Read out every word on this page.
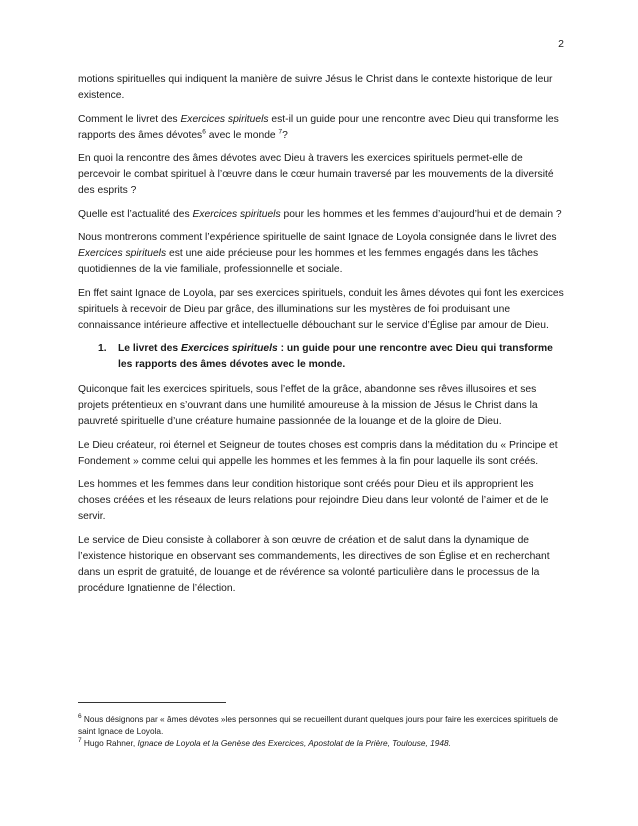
2

motions spirituelles qui indiquent la manière de suivre Jésus le Christ dans le contexte historique de leur existence.

Comment le livret des Exercices spirituels est-il un guide pour une rencontre avec Dieu qui transforme les rapports des âmes dévotes$^6$ avec le monde $^7$?

En quoi la rencontre des âmes dévotes avec Dieu à travers les exercices spirituels permet-elle de percevoir le combat spirituel à l’œuvre dans le cœur humain traversé par les mouvements de la diversité des esprits ?

Quelle est l’actualité des Exercices spirituels pour les hommes et les femmes d’aujourd’hui et de demain ?

Nous montrerons comment l’expérience spirituelle de saint Ignace de Loyola consignée dans le livret des Exercices spirituels est une aide précieuse pour les hommes et les femmes engagés dans les tâches quotidiennes de la vie familiale, professionnelle et sociale.

En ffet saint Ignace de Loyola, par ses exercices spirituels, conduit les âmes dévotes qui font les exercices spirituels à recevoir de Dieu par grâce, des illuminations sur les mystères de foi produisant une connaissance intérieure affective et intellectuelle débouchant sur le service d’Église par amour de Dieu.

1.	Le livret des Exercices spirituels : un guide pour une rencontre avec Dieu qui transforme les rapports des âmes dévotes avec le monde.

Quiconque fait les exercices spirituels, sous l’effet de la grâce, abandonne ses rêves illusoires et ses projets prétentieux en s’ouvrant dans une humilité amoureuse à la mission de Jésus le Christ dans la pauvreté spirituelle d’une créature humaine passionnée de la louange et de la gloire de Dieu.

Le Dieu créateur, roi éternel et Seigneur de toutes choses est compris dans la méditation du « Principe et Fondement » comme celui qui appelle les hommes et les femmes à la fin pour laquelle ils sont créés.

Les hommes et les femmes dans leur condition historique sont créés pour Dieu et ils approprient les choses créées et les réseaux de leurs relations pour rejoindre Dieu dans leur volonté de l’aimer et de le servir.

Le service de Dieu consiste à collaborer à son œuvre de création et de salut dans la dynamique de l’existence historique en observant ses commandements, les directives de son Église et en recherchant dans un esprit de gratuité, de louange et de révérence sa volonté particulière dans le processus de la procédure Ignatienne de l’élection.

$^6$ Nous désignons par « âmes dévotes »les personnes qui se recueillent durant quelques jours pour faire les exercices spirituels de saint Ignace de Loyola.

$^7$ Hugo Rahner, Ignace de Loyola et la Genèse des Exercices, Apostolat de la Prière, Toulouse, 1948.
